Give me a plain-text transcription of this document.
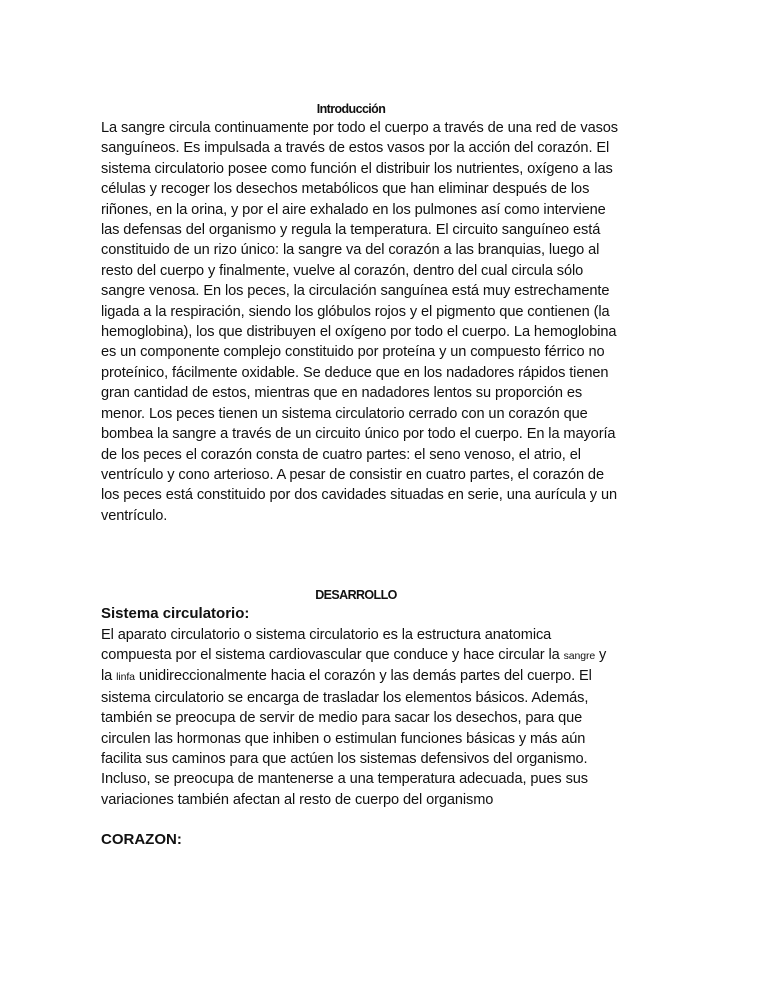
Introducción

La sangre circula continuamente por todo el cuerpo a través de una red de vasos sanguíneos. Es impulsada a través de estos vasos por la acción del corazón. El sistema circulatorio posee como función el distribuir los nutrientes, oxígeno a las células y recoger los desechos metabólicos que han eliminar después de los riñones, en la orina, y por el aire exhalado en los pulmones así como interviene las defensas del organismo y regula la temperatura. El circuito sanguíneo está constituido de un rizo único: la sangre va del corazón a las branquias, luego al resto del cuerpo y finalmente, vuelve al corazón, dentro del cual circula sólo sangre venosa. En los peces, la circulación sanguínea está muy estrechamente ligada a la respiración, siendo los glóbulos rojos y el pigmento que contienen (la hemoglobina), los que distribuyen el oxígeno por todo el cuerpo. La hemoglobina es un componente complejo constituido por proteína y un compuesto férrico no proteínico, fácilmente oxidable. Se deduce que en los nadadores rápidos tienen gran cantidad de estos, mientras que en nadadores lentos su proporción es menor. Los peces tienen un sistema circulatorio cerrado con un corazón que bombea la sangre a través de un circuito único por todo el cuerpo. En la mayoría de los peces el corazón consta de cuatro partes: el seno venoso, el atrio, el ventrículo y cono arterioso. A pesar de consistir en cuatro partes, el corazón de los peces está constituido por dos cavidades situadas en serie, una aurícula y un ventrículo.

DESARROLLO

Sistema circulatorio:

El aparato circulatorio o sistema circulatorio es la estructura anatomica compuesta por el sistema cardiovascular que conduce y hace circular la sangre y la linfa unidireccionalmente hacia el corazón y las demás partes del cuerpo. El sistema circulatorio se encarga de trasladar los elementos básicos. Además, también se preocupa de servir de medio para sacar los desechos, para que circulen las hormonas que inhiben o estimulan funciones básicas y más aún facilita sus caminos para que actúen los sistemas defensivos del organismo. Incluso, se preocupa de mantenerse a una temperatura adecuada, pues sus variaciones también afectan al resto de cuerpo del organismo

CORAZON:
